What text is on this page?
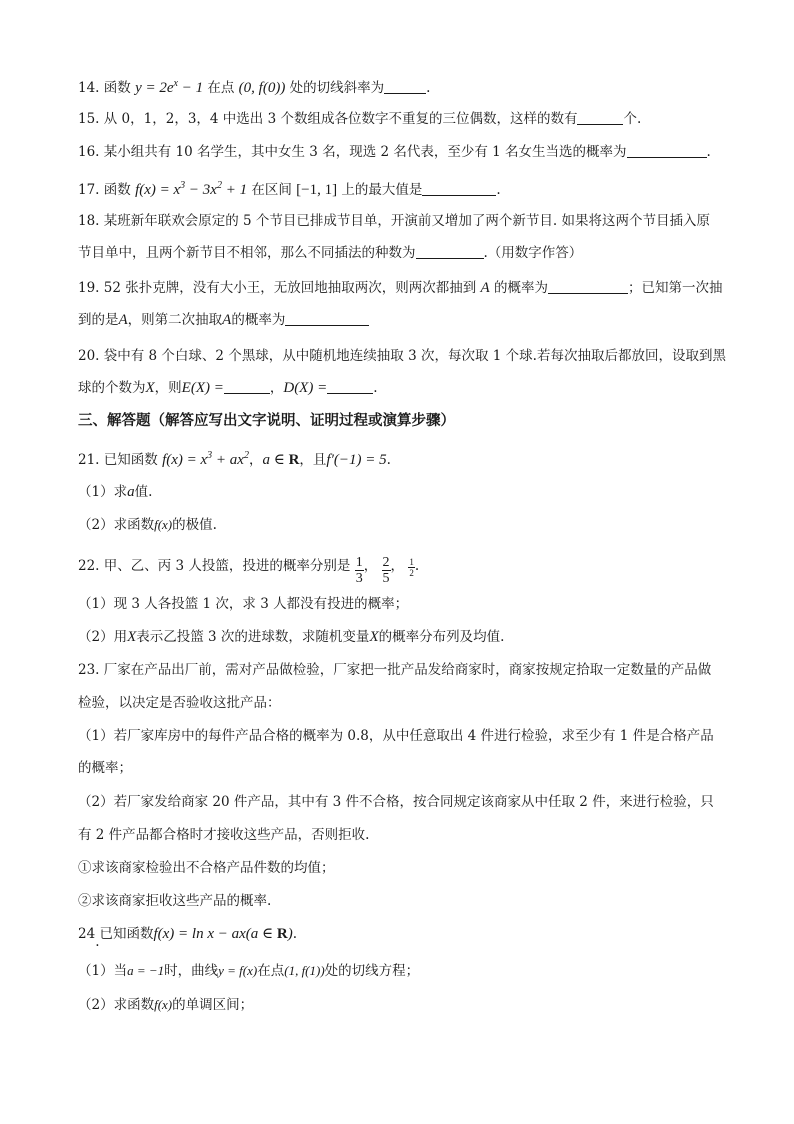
14. 函数 $y = 2e^x - 1$ 在点 (0, f(0)) 处的切线斜率为	.
15. 从 0，1，2，3，4 中选出 3 个数组成各位数字不重复的三位偶数，这样的数有	个.
16. 某小组共有 10 名学生，其中女生 3 名，现选 2 名代表，至少有 1 名女生当选的概率为	.
17. 函数 $f(x) = x^3 - 3x^2 + 1$ 在区间 [−1, 1] 上的最大值是	.
18. 某班新年联欢会原定的 5 个节目已排成节目单，开演前又增加了两个新节目. 如果将这两个节目插入原
节目单中，且两个新节目不相邻，那么不同插法的种数为	.（用数字作答）
19. 52 张扑克牌，没有大小王，无放回地抽取两次，则两次都抽到 A 的概率为	；已知第一次抽
到的是A，则第二次抽取A的概率为
20. 袋中有 8 个白球、2 个黑球，从中随机地连续抽取 3 次，每次取 1 个球.若每次抽取后都放回，设取到黑
球的个数为X，则E(X) =	，D(X) =	.
三、解答题（解答应写出文字说明、证明过程或演算步骤）
21. 已知函数 $f(x) = x^3 + ax^2$，a ∈ R，且f′(−1) = 5.
（1）求a值.
（2）求函数f(x)的极值.
22. 甲、乙、丙 3 人投篮，投进的概率分别是 $\frac{1}{3}$ ， $\frac{2}{5}$ ， $\frac{1}{2}$ .
（1）现 3 人各投篮 1 次，求 3 人都没有投进的概率；
（2）用X表示乙投篮 3 次的进球数，求随机变量X的概率分布列及均值.
23. 厂家在产品出厂前，需对产品做检验，厂家把一批产品发给商家时，商家按规定拾取一定数量的产品做
检验，以决定是否验收这批产品：
（1）若厂家库房中的每件产品合格的概率为 0.8，从中任意取出 4 件进行检验，求至少有 1 件是合格产品
的概率；
（2）若厂家发给商家 20 件产品，其中有 3 件不合格，按合同规定该商家从中任取 2 件，来进行检验，只
有 2 件产品都合格时才接收这些产品，否则拒收.
①求该商家检验出不合格产品件数的均值；
②求该商家拒收这些产品的概率.
24.已知函数f(x) = ln x − ax(a ∈ R).
（1）当a = −1时，曲线y = f(x)在点(1, f(1))处的切线方程；
（2）求函数f(x)的单调区间；
